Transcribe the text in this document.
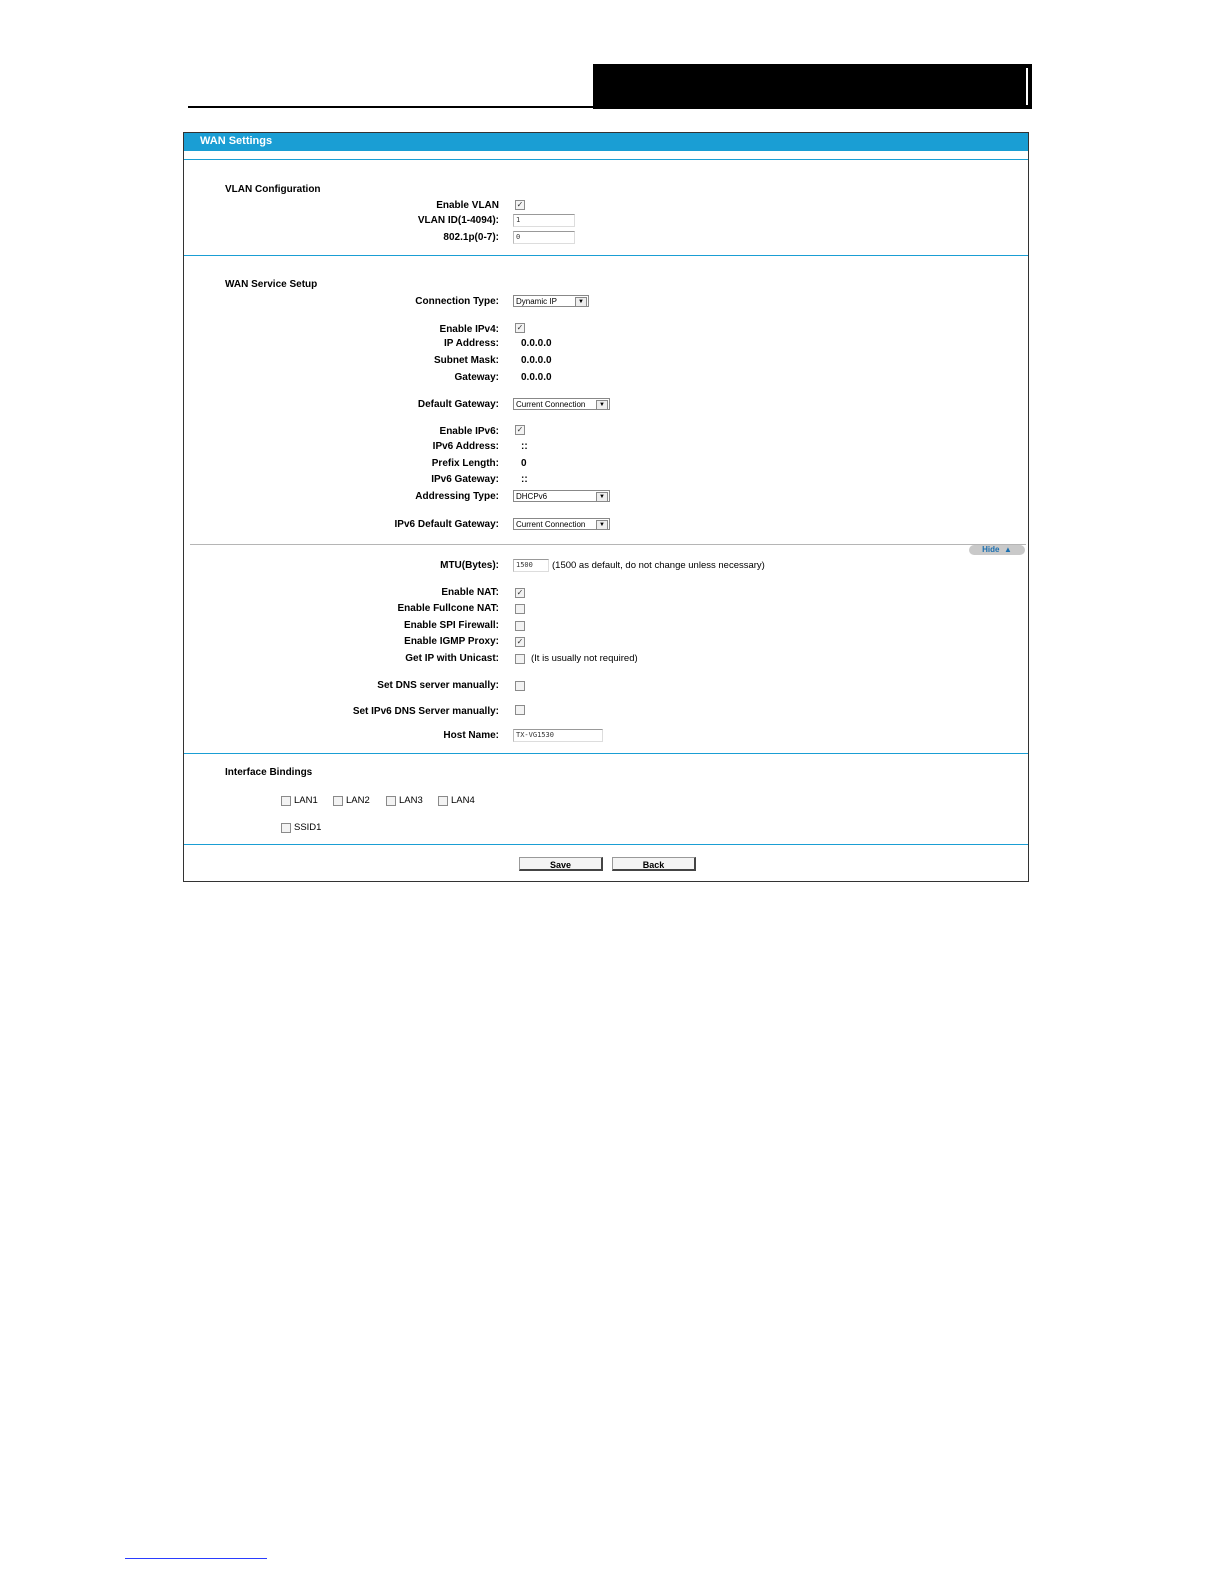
WAN Settings
VLAN Configuration
Enable VLAN ✓
VLAN ID(1-4094):	1
802.1p(0-7):	0
WAN Service Setup
Connection Type:	Dynamic IP	▼
Enable IPv4: ✓
IP Address: 0.0.0.0
Subnet Mask: 0.0.0.0
Gateway: 0.0.0.0
Default Gateway:	Current Connection	▼
Enable IPv6: ✓
IPv6 Address: ::
Prefix Length: 0
IPv6 Gateway: ::
Addressing Type:	DHCPv6	▼
IPv6 Default Gateway:	Current Connection	▼
Hide  ▲
MTU(Bytes):	1500	(1500 as default, do not change unless necessary)
Enable NAT: ✓
Enable Fullcone NAT:
Enable SPI Firewall:
Enable IGMP Proxy: ✓
Get IP with Unicast:	(It is usually not required)
Set DNS server manually:
Set IPv6 DNS Server manually:
Host Name:	TX-VG1530
Interface Bindings
LAN1	LAN2	LAN3	LAN4
SSID1
Save	Back
